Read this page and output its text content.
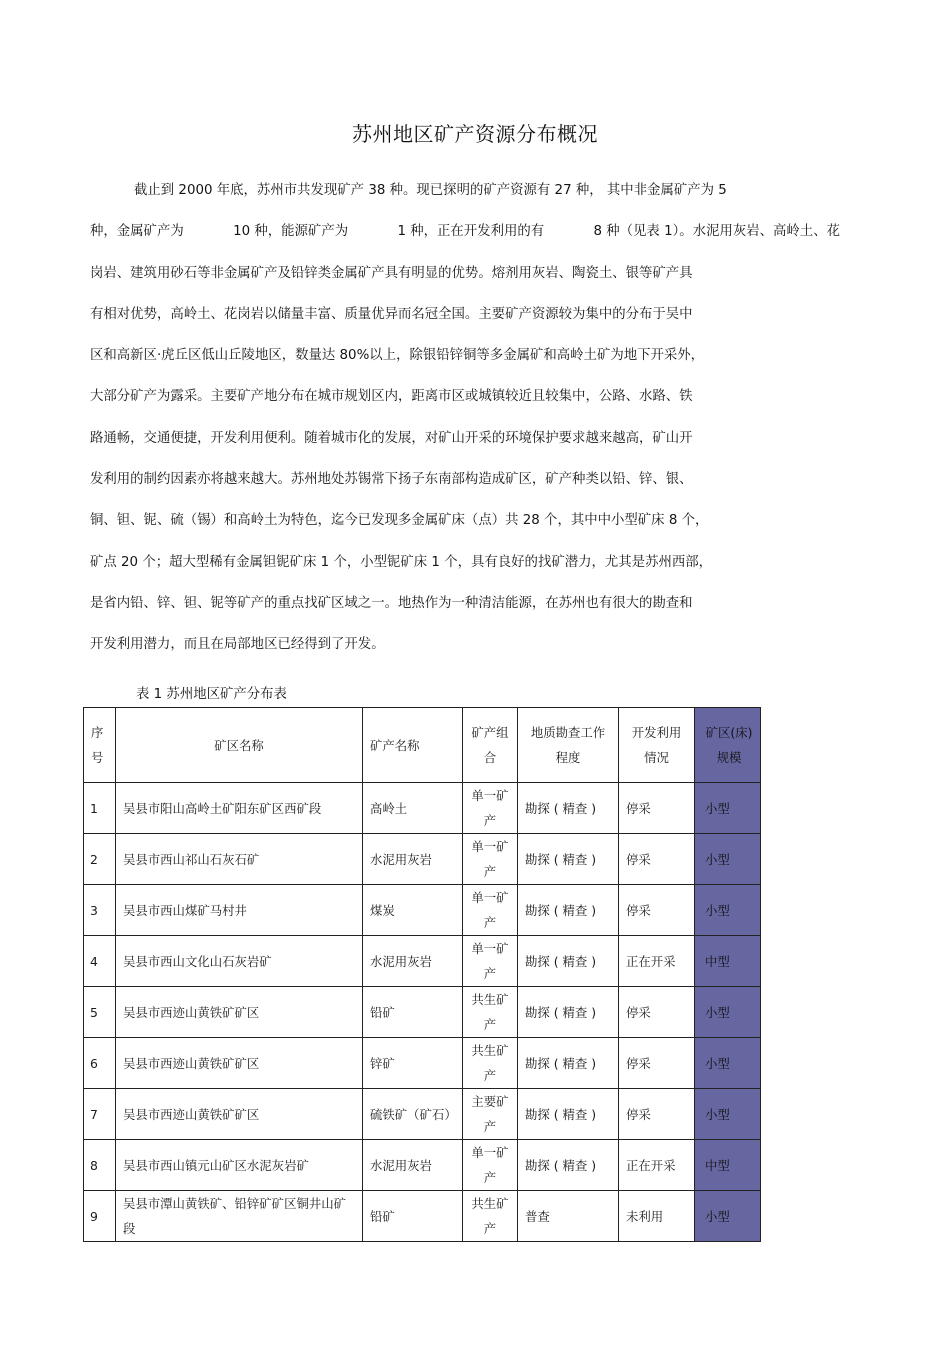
苏州地区矿产资源分布概况
截止到 2000 年底，苏州市共发现矿产 38 种。现已探明的矿产资源有 27 种， 其中非金属矿产为 5
种，金属矿产为	10 种，能源矿产为	1 种，正在开发利用的有	8 种（见表 1）。水泥用灰岩、高岭土、花
岗岩、建筑用砂石等非金属矿产及铅锌类金属矿产具有明显的优势。熔剂用灰岩、陶瓷土、银等矿产具
有相对优势，高岭土、花岗岩以储量丰富、质量优异而名冠全国。主要矿产资源较为集中的分布于吴中
区和高新区·虎丘区低山丘陵地区，数量达 80%以上，除银铅锌铜等多金属矿和高岭土矿为地下开采外，
大部分矿产为露采。主要矿产地分布在城市规划区内，距离市区或城镇较近且较集中，公路、水路、铁
路通畅，交通便捷，开发利用便利。随着城市化的发展，对矿山开采的环境保护要求越来越高，矿山开
发利用的制约因素亦将越来越大。苏州地处苏锡常下扬子东南部构造成矿区，矿产种类以铅、锌、银、
铜、钽、铌、硫（锡）和高岭土为特色，迄今已发现多金属矿床（点）共 28 个，其中中小型矿床 8 个，
矿点 20 个；超大型稀有金属钽铌矿床 1 个，小型铌矿床 1 个，具有良好的找矿潜力，尤其是苏州西部，
是省内铅、锌、钽、铌等矿产的重点找矿区域之一。地热作为一种清洁能源，在苏州也有很大的勘查和
开发利用潜力，而且在局部地区已经得到了开发。
表 1 苏州地区矿产分布表
序号	矿区名称	矿产名称	矿产组合	地质勘查工作程度	开发利用情况	矿区(床)规模
1	吴县市阳山高岭土矿阳东矿区西矿段	高岭土	单一矿产	勘探 ( 精查 )	停采	小型
2	吴县市西山祁山石灰石矿	水泥用灰岩	单一矿产	勘探 ( 精查 )	停采	小型
3	吴县市西山煤矿马村井	煤炭	单一矿产	勘探 ( 精查 )	停采	小型
4	吴县市西山文化山石灰岩矿	水泥用灰岩	单一矿产	勘探 ( 精查 )	正在开采	中型
5	吴县市西迹山黄铁矿矿区	铅矿	共生矿产	勘探 ( 精查 )	停采	小型
6	吴县市西迹山黄铁矿矿区	锌矿	共生矿产	勘探 ( 精查 )	停采	小型
7	吴县市西迹山黄铁矿矿区	硫铁矿（矿石）	主要矿产	勘探 ( 精查 )	停采	小型
8	吴县市西山镇元山矿区水泥灰岩矿	水泥用灰岩	单一矿产	勘探 ( 精查 )	正在开采	中型
9	吴县市潭山黄铁矿、铅锌矿矿区铜井山矿段	铅矿	共生矿产	普查	未利用	小型
